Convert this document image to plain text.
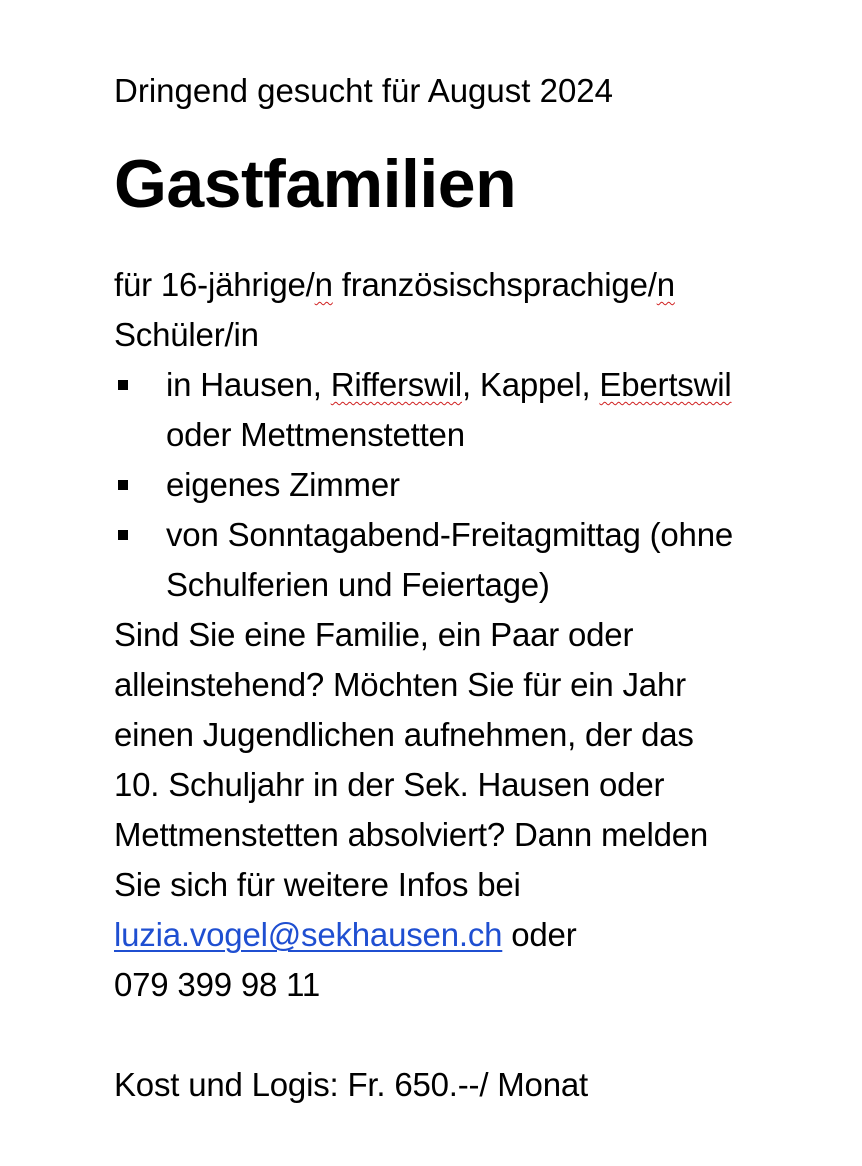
Dringend gesucht für August 2024
Gastfamilien
für 16-jährige/n französischsprachige/n
Schüler/in
in Hausen, Rifferswil, Kappel, Ebertswil
oder Mettmenstetten
eigenes Zimmer
von Sonntagabend-Freitagmittag (ohne
Schulferien und Feiertage)
Sind Sie eine Familie, ein Paar oder
alleinstehend? Möchten Sie für ein Jahr
einen Jugendlichen aufnehmen, der das
10. Schuljahr in der Sek. Hausen oder
Mettmenstetten absolviert? Dann melden
Sie sich für weitere Infos bei
luzia.vogel@sekhausen.ch oder
079 399 98 11
Kost und Logis: Fr. 650.--/ Monat
